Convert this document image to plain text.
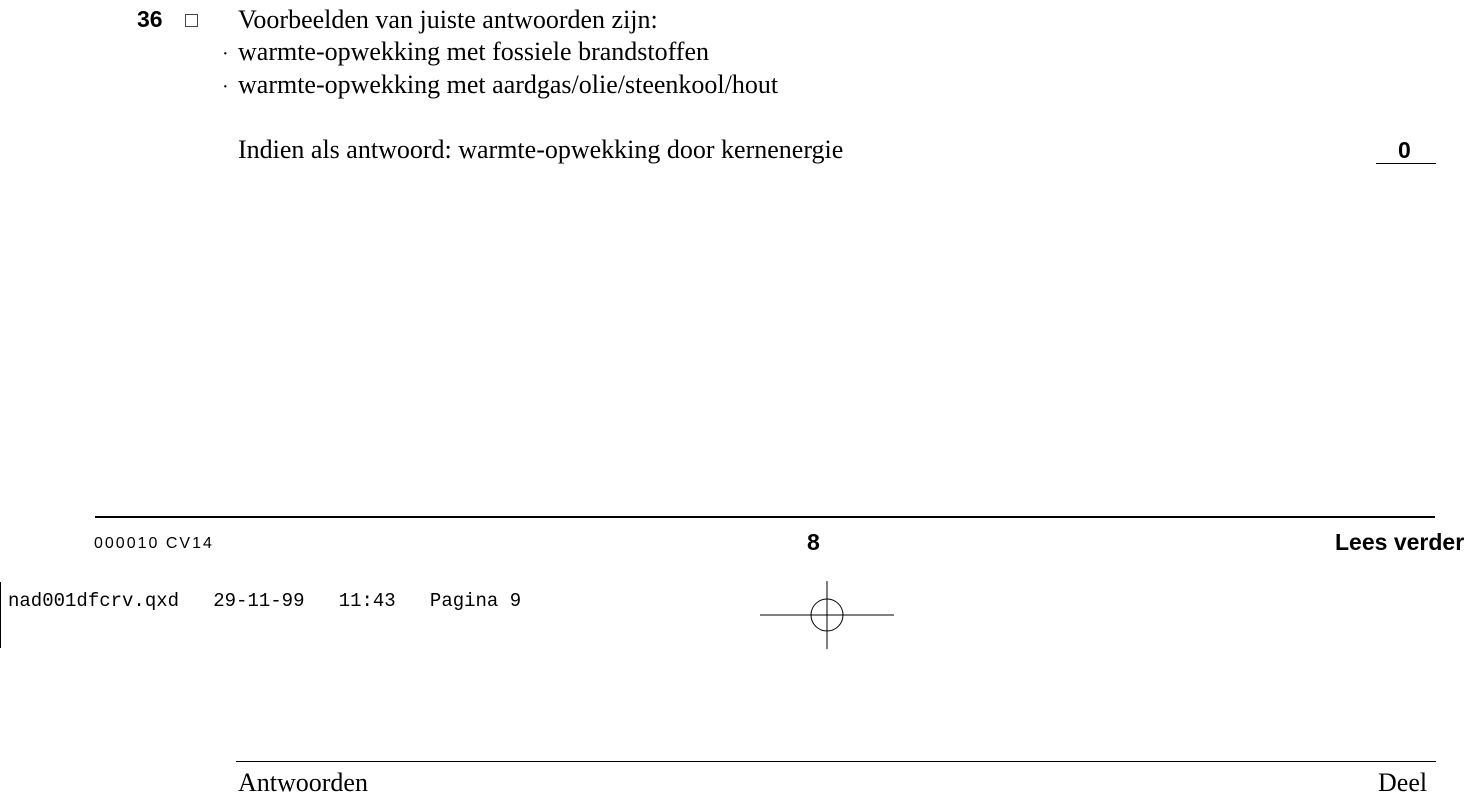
36	Voorbeelden van juiste antwoorden zijn:
· warmte-opwekking met fossiele brandstoffen
· warmte-opwekking met aardgas/olie/steenkool/hout
Indien als antwoord: warmte-opwekking door kernenergie	0
000010 CV14	8	Lees verder
nad001dfcrv.qxd 29-11-99 11:43 Pagina 9
Antwoorden	Deel
